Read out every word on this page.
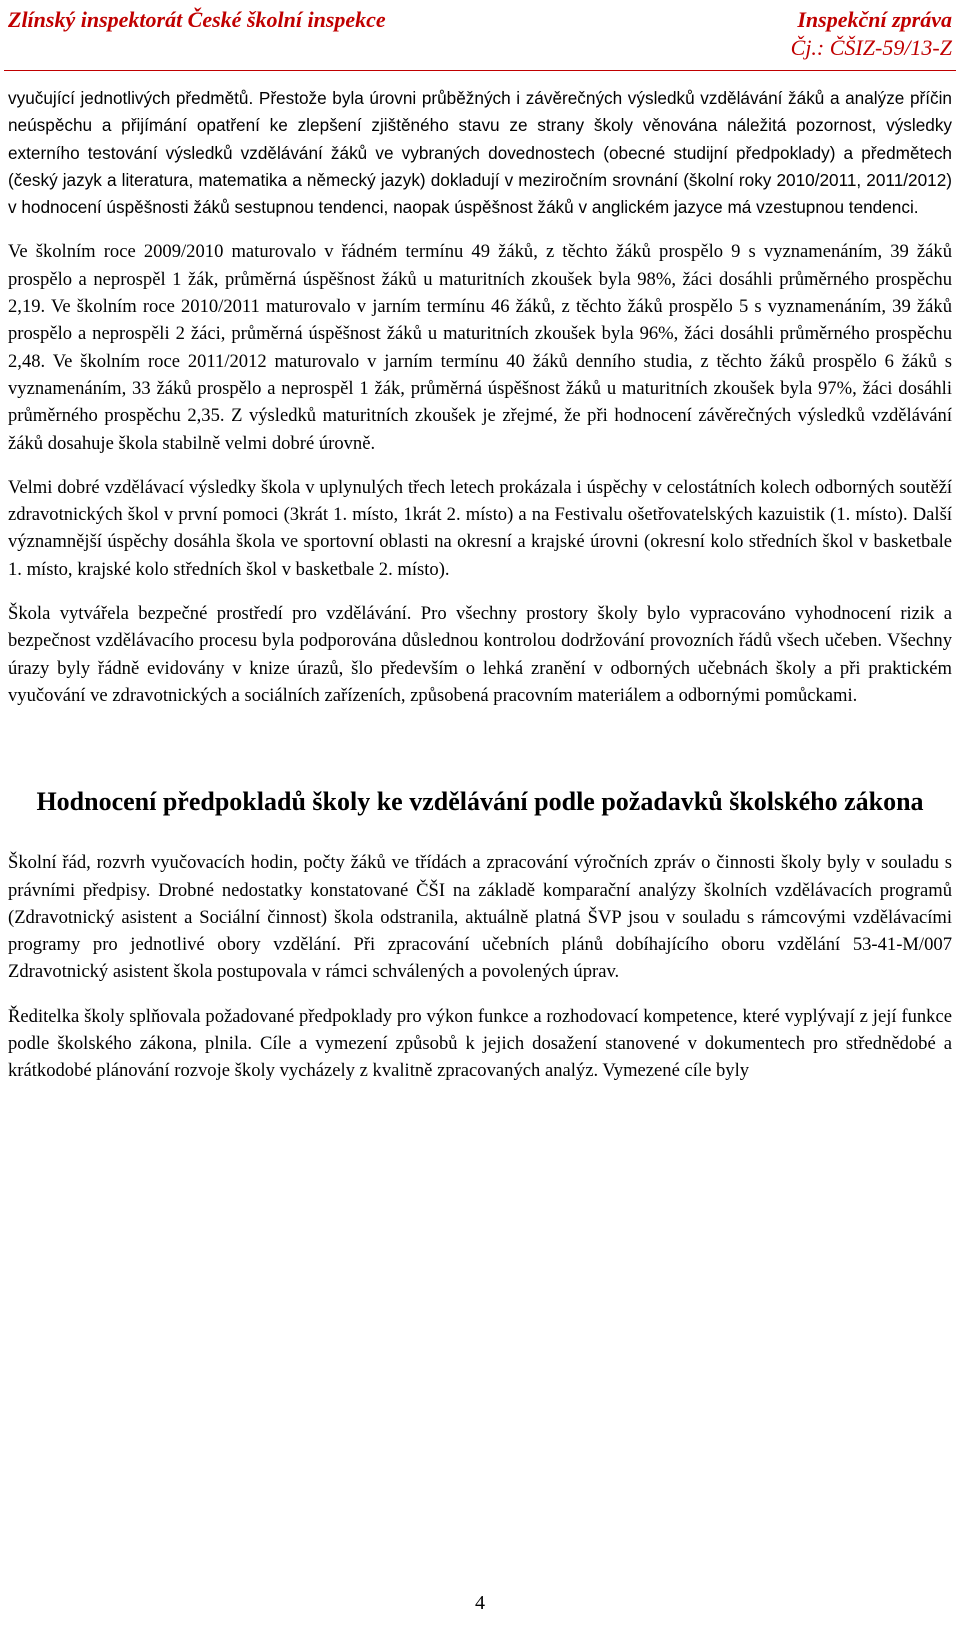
Zlínský inspektorát České školní inspekce	Inspekční zpráva
Čj.: ČŠIZ-59/13-Z

vyučující jednotlivých předmětů. Přestože byla úrovni průběžných i závěrečných výsledků vzdělávání žáků a analýze příčin neúspěchu a přijímání opatření ke zlepšení zjištěného stavu ze strany školy věnována náležitá pozornost, výsledky externího testování výsledků vzdělávání žáků ve vybraných dovednostech (obecné studijní předpoklady) a předmětech (český jazyk a literatura, matematika a německý jazyk) dokladují v meziročním srovnání (školní roky 2010/2011, 2011/2012) v hodnocení úspěšnosti žáků sestupnou tendenci, naopak úspěšnost žáků v anglickém jazyce má vzestupnou tendenci.

Ve školním roce 2009/2010 maturovalo v řádném termínu 49 žáků, z těchto žáků prospělo 9 s vyznamenáním, 39 žáků prospělo a neprospěl 1 žák, průměrná úspěšnost žáků u maturitních zkoušek byla 98%, žáci dosáhli průměrného prospěchu 2,19. Ve školním roce 2010/2011 maturovalo v jarním termínu 46 žáků, z těchto žáků prospělo 5 s vyznamenáním, 39 žáků prospělo a neprospěli 2 žáci, průměrná úspěšnost žáků u maturitních zkoušek byla 96%, žáci dosáhli průměrného prospěchu 2,48. Ve školním roce 2011/2012 maturovalo v jarním termínu 40 žáků denního studia, z těchto žáků prospělo 6 žáků s vyznamenáním, 33 žáků prospělo a neprospěl 1 žák, průměrná úspěšnost žáků u maturitních zkoušek byla 97%, žáci dosáhli průměrného prospěchu 2,35. Z výsledků maturitních zkoušek je zřejmé, že při hodnocení závěrečných výsledků vzdělávání žáků dosahuje škola stabilně velmi dobré úrovně.

Velmi dobré vzdělávací výsledky škola v uplynulých třech letech prokázala i úspěchy v celostátních kolech odborných soutěží zdravotnických škol v první pomoci (3krát 1. místo, 1krát 2. místo) a na Festivalu ošetřovatelských kazuistik (1. místo). Další významnější úspěchy dosáhla škola ve sportovní oblasti na okresní a krajské úrovni (okresní kolo středních škol v basketbale 1. místo, krajské kolo středních škol v basketbale 2. místo).

Škola vytvářela bezpečné prostředí pro vzdělávání. Pro všechny prostory školy bylo vypracováno vyhodnocení rizik a bezpečnost vzdělávacího procesu byla podporována důslednou kontrolou dodržování provozních řádů všech učeben. Všechny úrazy byly řádně evidovány v knize úrazů, šlo především o lehká zranění v odborných učebnách školy a při praktickém vyučování ve zdravotnických a sociálních zařízeních, způsobená pracovním materiálem a odbornými pomůckami.

Hodnocení předpokladů školy ke vzdělávání podle požadavků školského zákona

Školní řád, rozvrh vyučovacích hodin, počty žáků ve třídách a zpracování výročních zpráv o činnosti školy byly v souladu s právními předpisy. Drobné nedostatky konstatované ČŠI na základě komparační analýzy školních vzdělávacích programů (Zdravotnický asistent a Sociální činnost) škola odstranila, aktuálně platná ŠVP jsou v souladu s rámcovými vzdělávacími programy pro jednotlivé obory vzdělání. Při zpracování učebních plánů dobíhajícího oboru vzdělání 53-41-M/007 Zdravotnický asistent škola postupovala v rámci schválených a povolených úprav.

Ředitelka školy splňovala požadované předpoklady pro výkon funkce a rozhodovací kompetence, které vyplývají z její funkce podle školského zákona, plnila. Cíle a vymezení způsobů k jejich dosažení stanovené v dokumentech pro střednědobé a krátkodobé plánování rozvoje školy vycházely z kvalitně zpracovaných analýz. Vymezené cíle byly

4
